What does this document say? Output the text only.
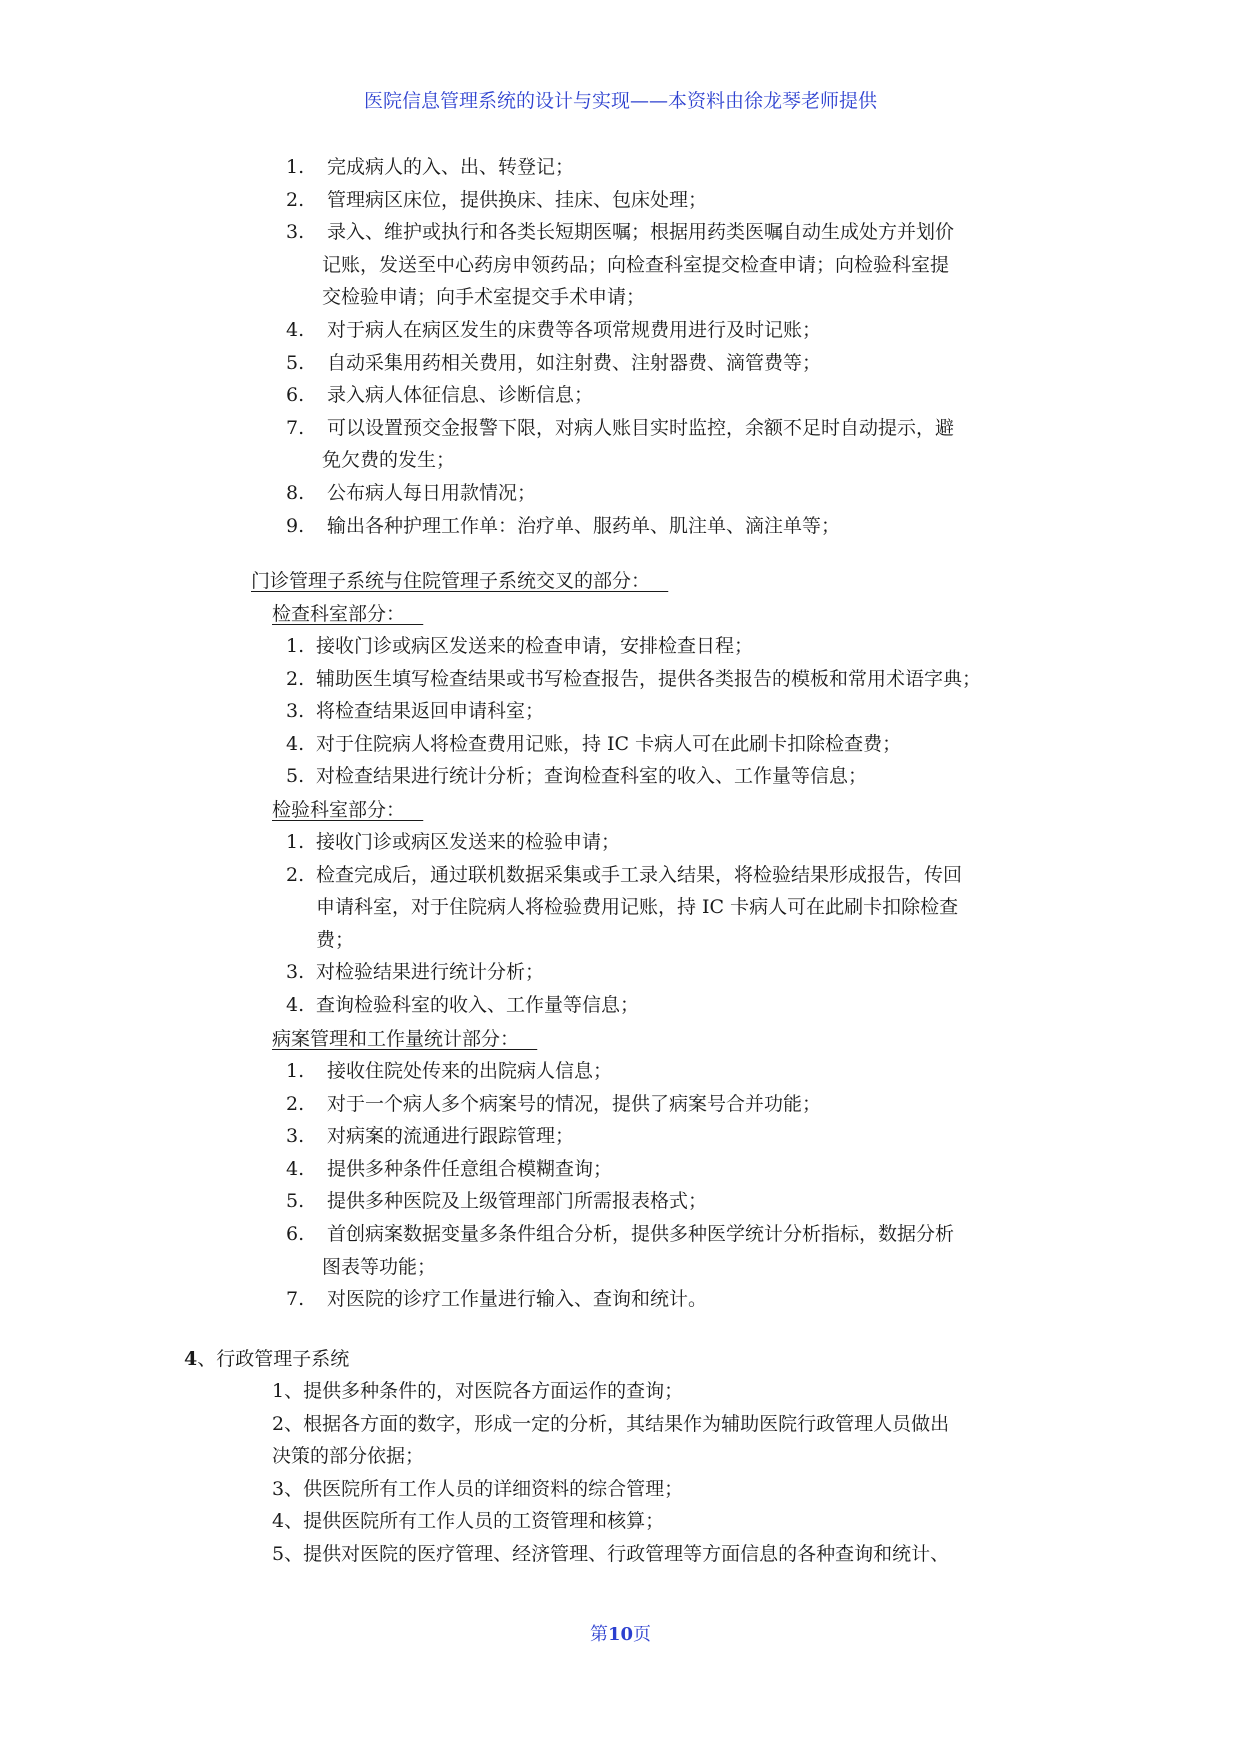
医院信息管理系统的设计与实现——本资料由徐龙琴老师提供
1. 完成病人的入、出、转登记；
2. 管理病区床位，提供换床、挂床、包床处理；
3. 录入、维护或执行和各类长短期医嘱；根据用药类医嘱自动生成处方并划价
记账，发送至中心药房申领药品；向检查科室提交检查申请；向检验科室提
交检验申请；向手术室提交手术申请；
4. 对于病人在病区发生的床费等各项常规费用进行及时记账；
5. 自动采集用药相关费用，如注射费、注射器费、滴管费等；
6. 录入病人体征信息、诊断信息；
7. 可以设置预交金报警下限，对病人账目实时监控，余额不足时自动提示，避
免欠费的发生；
8. 公布病人每日用款情况；
9. 输出各种护理工作单：治疗单、服药单、肌注单、滴注单等；
门诊管理子系统与住院管理子系统交叉的部分：
检查科室部分：
1. 接收门诊或病区发送来的检查申请，安排检查日程；
2. 辅助医生填写检查结果或书写检查报告，提供各类报告的模板和常用术语字典；
3. 将检查结果返回申请科室；
4. 对于住院病人将检查费用记账，持 IC 卡病人可在此刷卡扣除检查费；
5. 对检查结果进行统计分析；查询检查科室的收入、工作量等信息；
检验科室部分：
1. 接收门诊或病区发送来的检验申请；
2. 检查完成后，通过联机数据采集或手工录入结果，将检验结果形成报告，传回
申请科室，对于住院病人将检验费用记账，持 IC 卡病人可在此刷卡扣除检查
费；
3. 对检验结果进行统计分析；
4. 查询检验科室的收入、工作量等信息；
病案管理和工作量统计部分：
1. 接收住院处传来的出院病人信息；
2. 对于一个病人多个病案号的情况，提供了病案号合并功能；
3. 对病案的流通进行跟踪管理；
4. 提供多种条件任意组合模糊查询；
5. 提供多种医院及上级管理部门所需报表格式；
6. 首创病案数据变量多条件组合分析，提供多种医学统计分析指标，数据分析
图表等功能；
7. 对医院的诊疗工作量进行输入、查询和统计。
4、行政管理子系统
1、提供多种条件的，对医院各方面运作的查询；
2、根据各方面的数字，形成一定的分析，其结果作为辅助医院行政管理人员做出
决策的部分依据；
3、供医院所有工作人员的详细资料的综合管理；
4、提供医院所有工作人员的工资管理和核算；
5、提供对医院的医疗管理、经济管理、行政管理等方面信息的各种查询和统计、
第10页
